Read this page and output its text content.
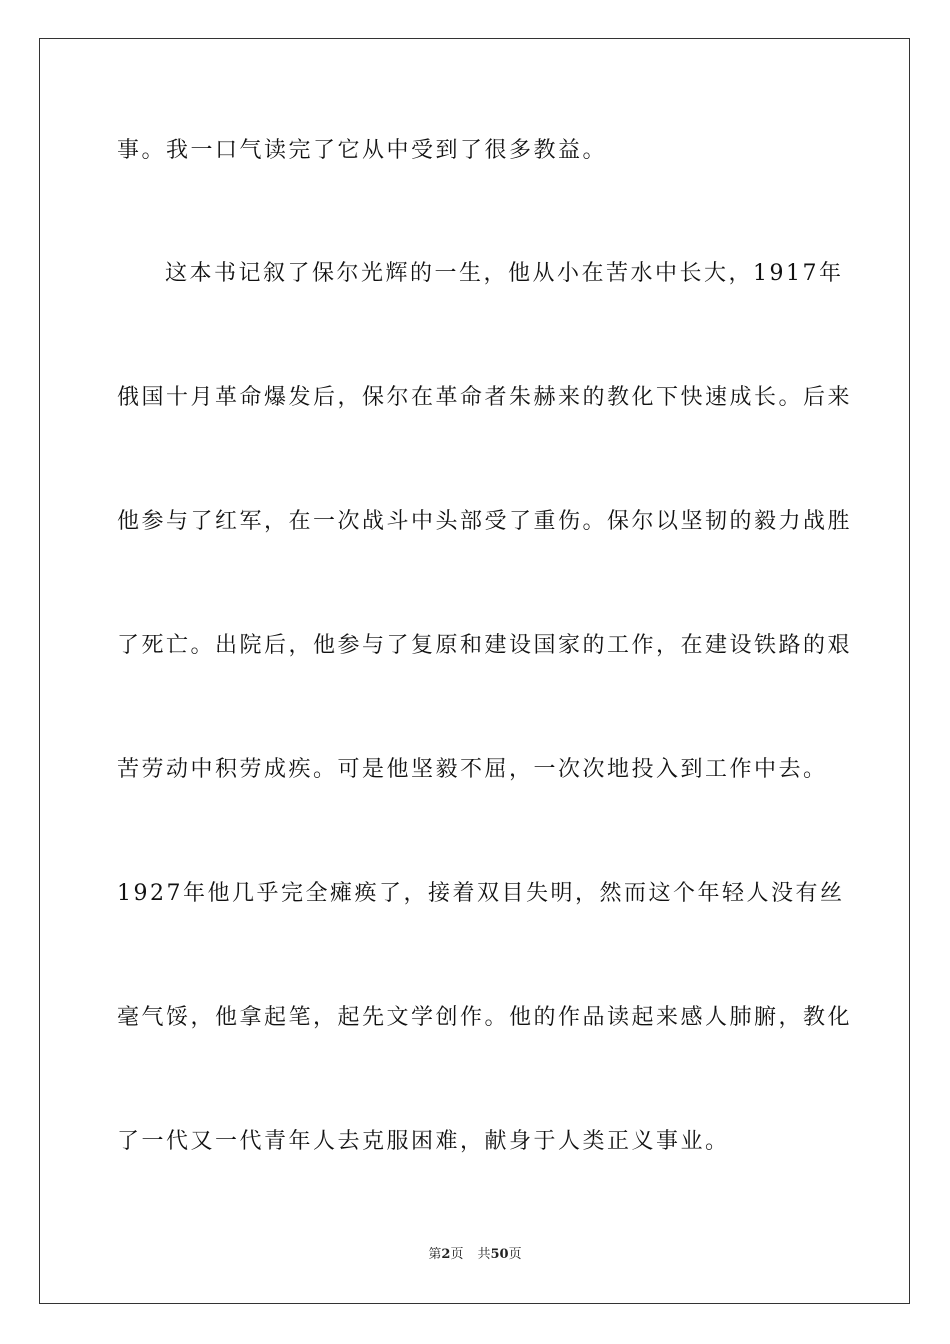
事。我一口气读完了它从中受到了很多教益。
这本书记叙了保尔光辉的一生，他从小在苦水中长大，1917年
俄国十月革命爆发后，保尔在革命者朱赫来的教化下快速成长。后来
他参与了红军，在一次战斗中头部受了重伤。保尔以坚韧的毅力战胜
了死亡。出院后，他参与了复原和建设国家的工作，在建设铁路的艰
苦劳动中积劳成疾。可是他坚毅不屈，一次次地投入到工作中去。
1927年他几乎完全瘫痪了，接着双目失明，然而这个年轻人没有丝
毫气馁，他拿起笔，起先文学创作。他的作品读起来感人肺腑，教化
了一代又一代青年人去克服困难，献身于人类正义事业。
第2页 共50页
